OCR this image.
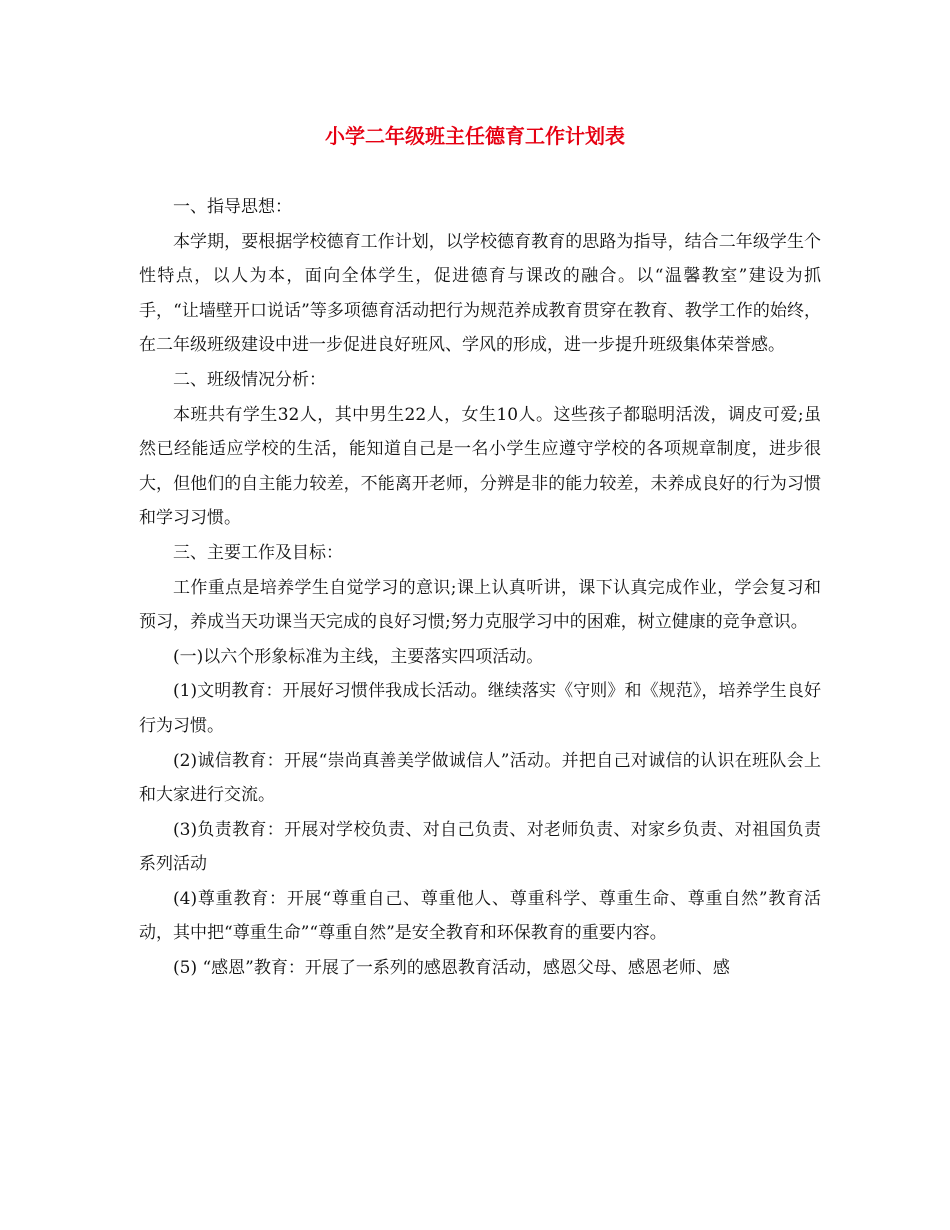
小学二年级班主任德育工作计划表

一、指导思想：

本学期，要根据学校德育工作计划，以学校德育教育的思路为指导，结合二年级学生个性特点，以人为本，面向全体学生，促进德育与课改的融合。以“温馨教室”建设为抓手，“让墙壁开口说话”等多项德育活动把行为规范养成教育贯穿在教育、教学工作的始终，在二年级班级建设中进一步促进良好班风、学风的形成，进一步提升班级集体荣誉感。

二、班级情况分析：

本班共有学生32人，其中男生22人，女生10人。这些孩子都聪明活泼，调皮可爱;虽然已经能适应学校的生活，能知道自己是一名小学生应遵守学校的各项规章制度，进步很大，但他们的自主能力较差，不能离开老师，分辨是非的能力较差，未养成良好的行为习惯和学习习惯。

三、主要工作及目标：

工作重点是培养学生自觉学习的意识;课上认真听讲，课下认真完成作业，学会复习和预习，养成当天功课当天完成的良好习惯;努力克服学习中的困难，树立健康的竞争意识。

(一)以六个形象标准为主线，主要落实四项活动。

(1)文明教育：开展好习惯伴我成长活动。继续落实《守则》和《规范》，培养学生良好行为习惯。

(2)诚信教育：开展“崇尚真善美学做诚信人”活动。并把自己对诚信的认识在班队会上和大家进行交流。

(3)负责教育：开展对学校负责、对自己负责、对老师负责、对家乡负责、对祖国负责系列活动

(4)尊重教育：开展“尊重自己、尊重他人、尊重科学、尊重生命、尊重自然”教育活动，其中把“尊重生命”“尊重自然”是安全教育和环保教育的重要内容。

(5) “感恩”教育：开展了一系列的感恩教育活动，感恩父母、感恩老师、感
